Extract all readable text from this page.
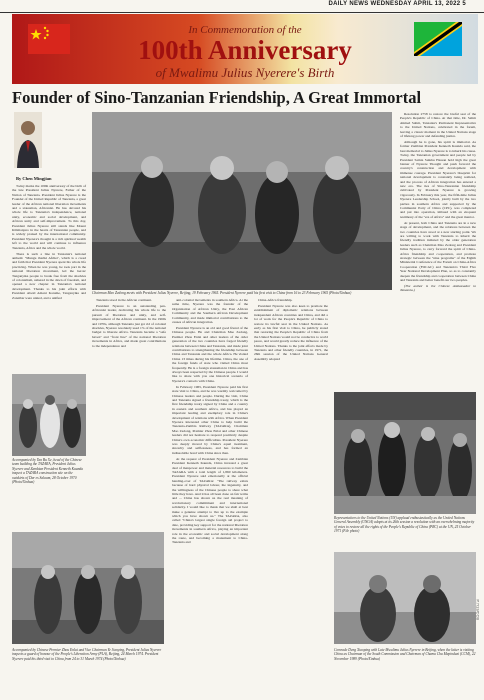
DAILY NEWS WEDNESDAY APRIL 13, 2022 5
In Commemoration of the
100th Anniversary
of Mwalimu Julius Nyerere's Birth
Founder of Sino-Tanzanian Friendship, A Great Immortal
By Chen Mingjian

Today marks the 100th anniversary of the birth of the late President Julius Nyerere, Father of the Nation of Tanzania. President Julius Nyerere is the Founder of the United Republic of Tanzania, a great leader of the African national liberation movements and a statesman, Africanist. He has devoted his whole life to Tanzania's independence, national unity, economic and social development, and African unity and self-improvement. To this day, President Julius Nyerere still stands like Mount Kilimanjaro in the hearts of Tanzanian people, and is widely praised by the international community. President Nyerere's thought is a rich spiritual wealth left to the world and will continue to influence Tanzania, Africa and the whole world.

There is such a line in Tanzania's national anthem: "Mungu ibariki Afrika", which is a creed and faith that President Nyerere spent his whole life practicing. When he was young, he took part in the national liberation movement, led the heroic Tanganyika people to break free from the shackles of colonialism, ushered in the dawn of freedom, and opened a new chapter in Tanzania's national development. Thanks to his joint efforts with President Abeid Amani Karume, Tanganyika and Zanzibar were united, and a unified

Tanzania stood in the African continent.

President Nyerere is an outstanding pan-Africanist leader, dedicating his whole life to the pursuit of liberation and unity, and self-improvement of the African continent. In the 1960s and 1970s, although Tanzania just got rid of colonial shackles, Nyerere resolutely used 1% of the national budget to liberate Africa. Tanzania became a "safe haven" and "front line" of the national liberation movements in Africa, and made great contributions to the independence and

anti-colonial movements in southern Africa. At the same time, Nyerere was the founder of the Organization of African Unity, the East African Community and the Southern African Development Community, and made immortal contributions to the causes of African integration.

President Nyerere is an old and good friend of the Chinese people. He and Chairman Mao Zedong, Premier Zhou Enlai and other leaders of the older generation of the two countries have forged friendly relations between China and Tanzania, and made joint contributions to strengthening the friendship between China and Tanzania and the whole Africa. He visited China 13 times during his lifetime. China, the one of the foreign funds of state who visited China most frequently. He is a foreign statesman in China and has always been respected by the Chinese people. I would like to share with you one historical scenario of Nyerere's contacts with China.

In February 1965, President Nyerere paid his first state visit to China, and he was warmly welcomed by Chinese leaders and people. During the visit, China and Tanzania signed a friendship treaty, which is the first friendship treaty signed by China and a country in eastern and southern Africa, and has played an important leading and exemplary role in China's development of relations with Africa. When President Nyerere interested other China to help build the Tanzania-Zambia Railway (TAZARA), Chairman Mao Zedong, Premier Zhou Enlai and other Chinese leaders did not hesitate to respond positively despite China's own economic difficulties. President Nyerere was deeply moved by China's equal treatment, sincerity and selflessness, and has formed an indissoluble bond with China since then.

At the request of President Nyerere and Zambian President Kenneth Kaunda, China invested a great deal of manpower and material resources to build the TAZARA with a total length of 1,860 kilometers. President Nyerere said emotionally at the official handing-over of TAZARA: "The railway exists because of hard physical labour, the ingenuity, and the willingness of the Chinese people to share what little they have. And it has all been done on fair terms and ... China has shown us the real meaning of revolutionary commitment and international solidarity. I would like to thank that we shall at best make a genuine attempt to live up to the example which you have shown us." The TAZARA, also called "China's largest single foreign aid project to date, providing key support for the national liberation movements in southern Africa, playing an important role in the economic and social development along the route, and becoming a monument to China-Tanzania and

China-Africa friendship.

President Nyerere was also keen to promote the establishment of diplomatic relations between independent African countries and China, and did a lot of work for the People's Republic of China to restore its lawful seat in the United Nations. As early as his first visit to China, he publicly stated that restoring the People's Republic of China from the United Nations would not be conducive to world peace, and would greatly reduce the influence of the United Nations. Thanks to the joint efforts made by Tanzania and other friendly countries, in 1971, the 26th session of the United Nations General Assembly adopted

Resolution 2758 to restore the lawful seat of the People's Republic of China. At that time, Dr. Salim Ahmed Salim, Tanzania's Permanent Representative to the United Nations, celebrated in the forum, leaving a classic moment in the United Nations stage of lifelong power and defending justice.

Although he is gone, his spirit is immortal. As former Zambian President Kenneth Kaunda said, the best memorial to Julius Nyerere is to inherit his cause. Today, the Tanzanian government and people led by President Samia Suluhu Hassan hold high the great banner of Nyerere Thought and push forward the country's construction and development with immense courage. President Nyerere's blueprint for national development is constantly being realized, and the process of African integration has entered a new era. The ties of Sino-Tanzanian friendship cultivated by President Nyerere is growing vigorously. In February this year, the fifth-time Julius Nyerere Leadership School, jointly built by the two parties in southern Africa and supported by the Communist Party of China (CPC), was completed and put into operation, imbued with an eloquent testimony of the "era of Africa" and the great mentor.

At present, both China and Tanzania are in a new stage of development, and the relations between the two countries have stood at a new starting point. We are willing to work with Tanzania to inherit the friendly tradition initiated by the older generation leaders such as Chairman Mao Zedong and President Julius Nyerere, to carry forward the spirit of China-Africa friendship and cooperation, and promote strategic between the "nine programs" of the Eighth Ministerial Conference of the Forum on China-Africa Cooperation (FOCAC) and Tanzania's Third Five Year National Development Plan, so as to constantly deepen the friendship and cooperation between China and Tanzania and better benefit our two peoples.

(The author is the Chinese Ambassador to Tanzania.)

Chairman Mao Zedong meets with President Julius Nyerere, Beijing, 19 February 1965. President Nyerere paid his first visit to China from 16 to 23 February 1965 (Photo/Xinhua)
Accompanied by Tan Bu Xe, head of the Chinese team building the TAZARA, President Julius Nyerere and Zambian President Kenneth Kaunda inspect a TAZARA construction site on the outskirts of Dar es Salaam, 28 October 1970 (Photo/Xinhua)
Representatives to the United Nations (UN) applaud enthusiastically as the United Nations General Assembly (UNGA) adopts at its 26th session a resolution with an overwhelming majority of votes to restore all the rights of the People's Republic of China (PRC) at the UN, 25 October 1971 (File photo)
Accompanied by Chinese Premier Zhou Enlai and Vice Chairman Ye Jianying, President Julius Nyerere inspects a guard of honour of the People's Liberation Army (PLA), Beijing, 24 March 1974. President Nyerere paid his third visit to China from 24 to 31 March 1974 (Photo/Xinhua)
Comrade Deng Xiaoping with Late Mwalimu Julius Nyerere in Beijing, when the latter is visiting China as Chairman of the South Commission and Chairman of Chama Cha Mapinduzi (CCM), 22 November 1989 (Photo/Xinhua)
P.7/13/CCB
